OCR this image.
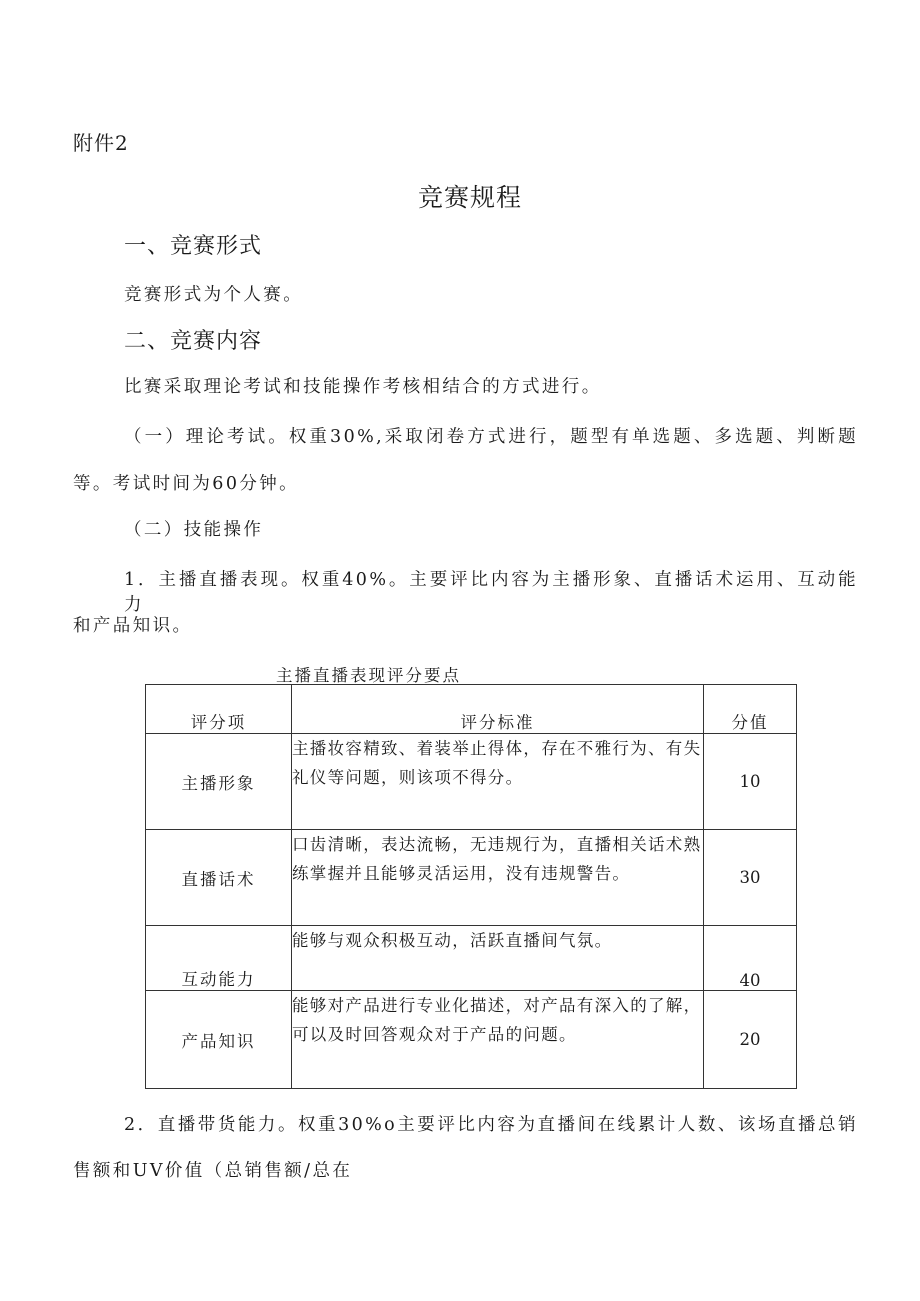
附件2
竞赛规程
一、竞赛形式
竞赛形式为个人赛。
二、竞赛内容
比赛采取理论考试和技能操作考核相结合的方式进行。
（一）理论考试。权重30%,采取闭卷方式进行，题型有单选题、多选题、判断题
等。考试时间为60分钟。
（二）技能操作
1．主播直播表现。权重40%。主要评比内容为主播形象、直播话术运用、互动能力
和产品知识。
主播直播表现评分要点
评分项	评分标准	分值
主播形象	主播妆容精致、着装举止得体，存在不雅行为、有失礼仪等问题，则该项不得分。	10
直播话术	口齿清晰，表达流畅，无违规行为，直播相关话术熟练掌握并且能够灵活运用，没有违规警告。	30
互动能力	能够与观众积极互动，活跃直播间气氛。	40
产品知识	能够对产品进行专业化描述，对产品有深入的了解，可以及时回答观众对于产品的问题。	20
2．直播带货能力。权重30%o主要评比内容为直播间在线累计人数、该场直播总销
售额和UV价值（总销售额/总在
